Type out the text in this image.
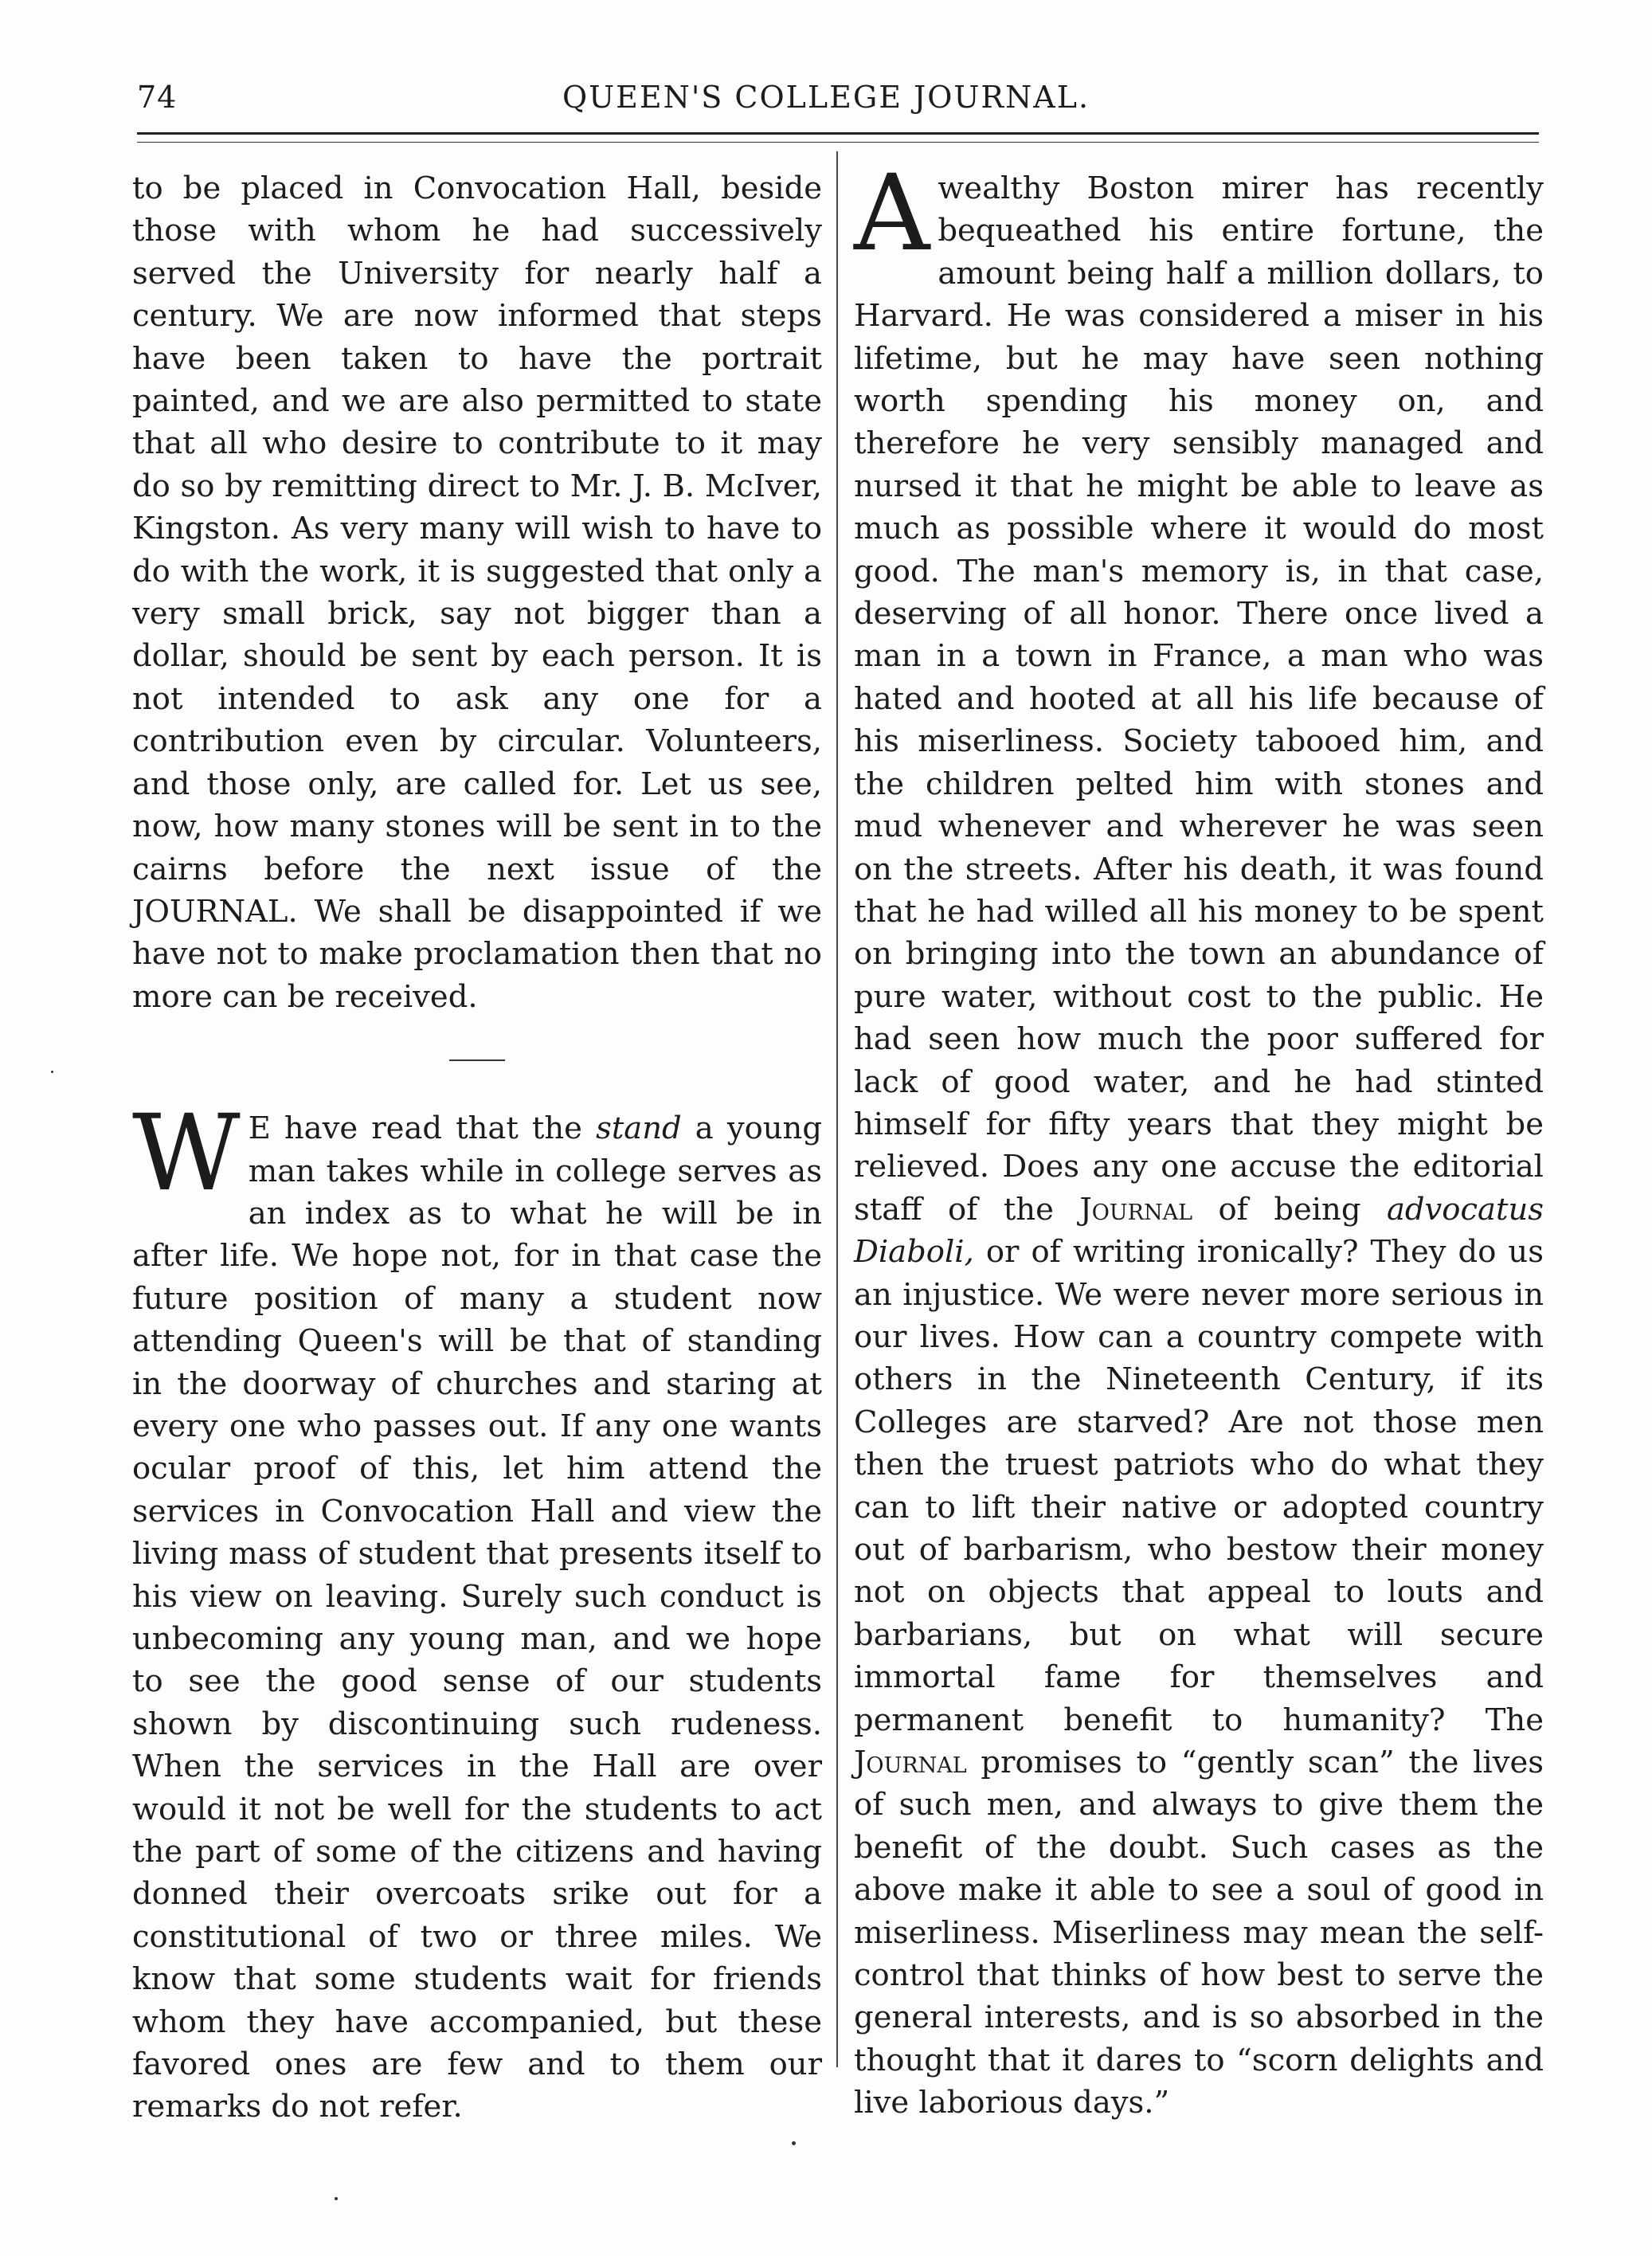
74	QUEEN'S COLLEGE JOURNAL.

to be placed in Convocation Hall, beside those with whom he had successively served the University for nearly half a century. We are now informed that steps have been taken to have the portrait painted, and we are also permitted to state that all who desire to contribute to it may do so by remitting direct to Mr. J. B. McIver, Kingston. As very many will wish to have to do with the work, it is suggested that only a very small brick, say not bigger than a dollar, should be sent by each person. It is not intended to ask any one for a contribution even by circular. Volunteers, and those only, are called for. Let us see, now, how many stones will be sent in to the cairns before the next issue of the JOURNAL. We shall be disappointed if we have not to make proclamation then that no more can be received.

W E have read that the stand a young man takes while in college serves as an index as to what he will be in after life. We hope not, for in that case the future position of many a student now attending Queen's will be that of standing in the doorway of churches and staring at every one who passes out. If any one wants ocular proof of this, let him attend the services in Convocation Hall and view the living mass of student that presents itself to his view on leaving. Surely such conduct is unbecoming any young man, and we hope to see the good sense of our students shown by discontinuing such rudeness. When the services in the Hall are over would it not be well for the students to act the part of some of the citizens and having donned their overcoats srike out for a constitutional of two or three miles. We know that some students wait for friends whom they have accompanied, but these favored ones are few and to them our remarks do not refer.

A wealthy Boston mirer has recently bequeathed his entire fortune, the amount being half a million dollars, to Harvard. He was considered a miser in his lifetime, but he may have seen nothing worth spending his money on, and therefore he very sensibly managed and nursed it that he might be able to leave as much as possible where it would do most good. The man's memory is, in that case, deserving of all honor. There once lived a man in a town in France, a man who was hated and hooted at all his life because of his miserliness. Society tabooed him, and the children pelted him with stones and mud whenever and wherever he was seen on the streets. After his death, it was found that he had willed all his money to be spent on bringing into the town an abundance of pure water, without cost to the public. He had seen how much the poor suffered for lack of good water, and he had stinted himself for fifty years that they might be relieved. Does any one accuse the editorial staff of the Journal of being advocatus Diaboli, or of writing ironically? They do us an injustice. We were never more serious in our lives. How can a country compete with others in the Nineteenth Century, if its Colleges are starved? Are not those men then the truest patriots who do what they can to lift their native or adopted country out of barbarism, who bestow their money not on objects that appeal to louts and barbarians, but on what will secure immortal fame for themselves and permanent benefit to humanity? The Journal promises to “gently scan” the lives of such men, and always to give them the benefit of the doubt. Such cases as the above make it able to see a soul of good in miserliness. Miserliness may mean the self-control that thinks of how best to serve the general interests, and is so absorbed in the thought that it dares to “scorn delights and live laborious days.”
